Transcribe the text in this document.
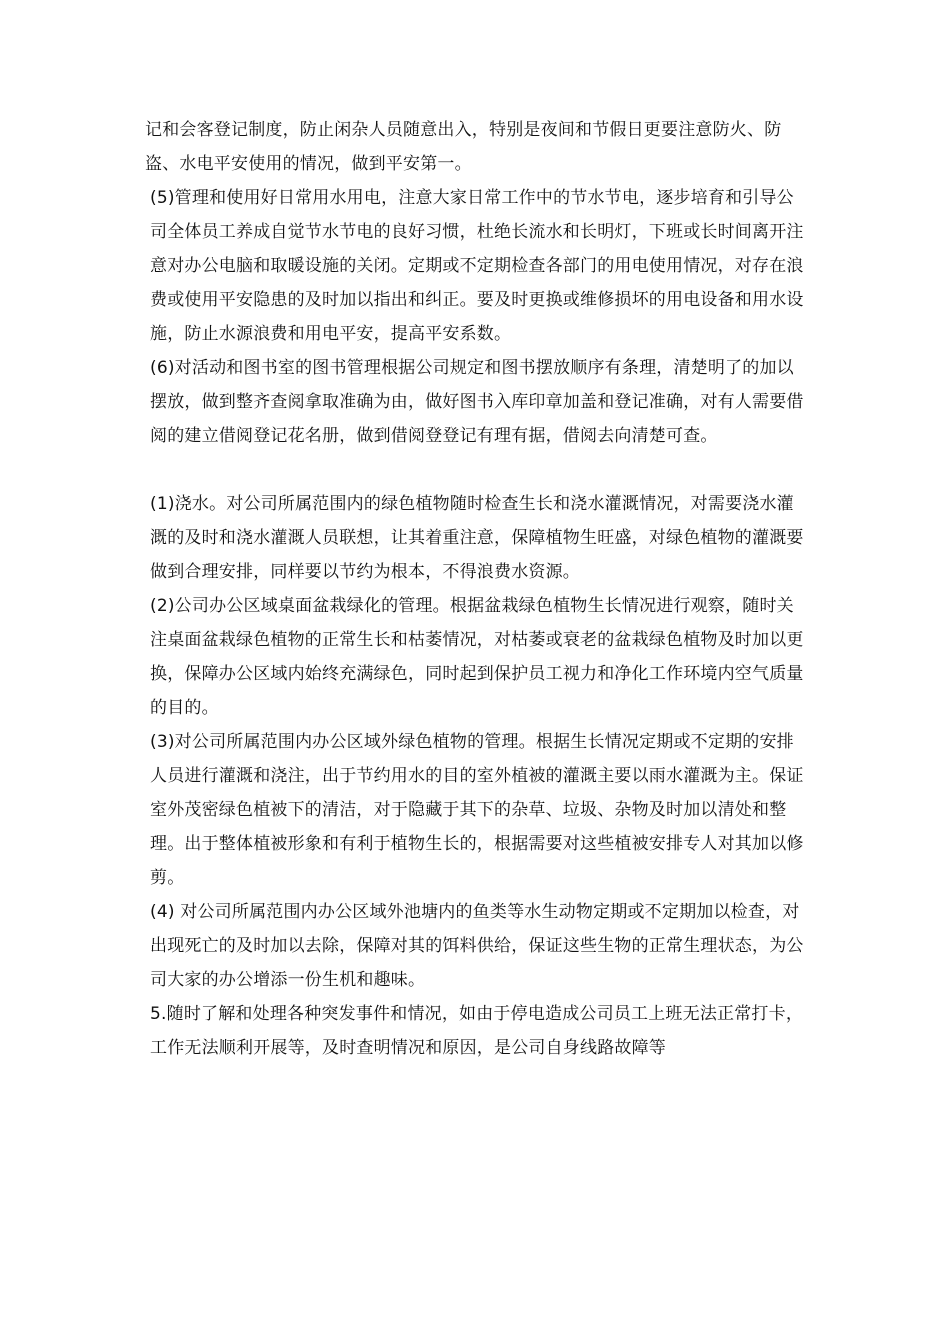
记和会客登记制度，防止闲杂人员随意出入，特别是夜间和节假日更要注意防火、防盗、水电平安使用的情况，做到平安第一。

(5)管理和使用好日常用水用电，注意大家日常工作中的节水节电，逐步培育和引导公司全体员工养成自觉节水节电的良好习惯，杜绝长流水和长明灯，下班或长时间离开注意对办公电脑和取暖设施的关闭。定期或不定期检查各部门的用电使用情况，对存在浪费或使用平安隐患的及时加以指出和纠正。要及时更换或维修损坏的用电设备和用水设施，防止水源浪费和用电平安，提高平安系数。

(6)对活动和图书室的图书管理根据公司规定和图书摆放顺序有条理，清楚明了的加以摆放，做到整齐查阅拿取准确为由，做好图书入库印章加盖和登记准确，对有人需要借阅的建立借阅登记花名册，做到借阅登登记有理有据，借阅去向清楚可查。

(1)浇水。对公司所属范围内的绿色植物随时检查生长和浇水灌溉情况，对需要浇水灌溉的及时和浇水灌溉人员联想，让其着重注意，保障植物生旺盛，对绿色植物的灌溉要做到合理安排，同样要以节约为根本，不得浪费水资源。

(2)公司办公区域桌面盆栽绿化的管理。根据盆栽绿色植物生长情况进行观察，随时关注桌面盆栽绿色植物的正常生长和枯萎情况，对枯萎或衰老的盆栽绿色植物及时加以更换，保障办公区域内始终充满绿色，同时起到保护员工视力和净化工作环境内空气质量的目的。

(3)对公司所属范围内办公区域外绿色植物的管理。根据生长情况定期或不定期的安排人员进行灌溉和浇注，出于节约用水的目的室外植被的灌溉主要以雨水灌溉为主。保证室外茂密绿色植被下的清洁，对于隐藏于其下的杂草、垃圾、杂物及时加以清处和整理。出于整体植被形象和有利于植物生长的，根据需要对这些植被安排专人对其加以修剪。

(4) 对公司所属范围内办公区域外池塘内的鱼类等水生动物定期或不定期加以检查，对出现死亡的及时加以去除，保障对其的饵料供给，保证这些生物的正常生理状态，为公司大家的办公增添一份生机和趣味。

5.随时了解和处理各种突发事件和情况，如由于停电造成公司员工上班无法正常打卡，工作无法顺利开展等，及时查明情况和原因，是公司自身线路故障等
